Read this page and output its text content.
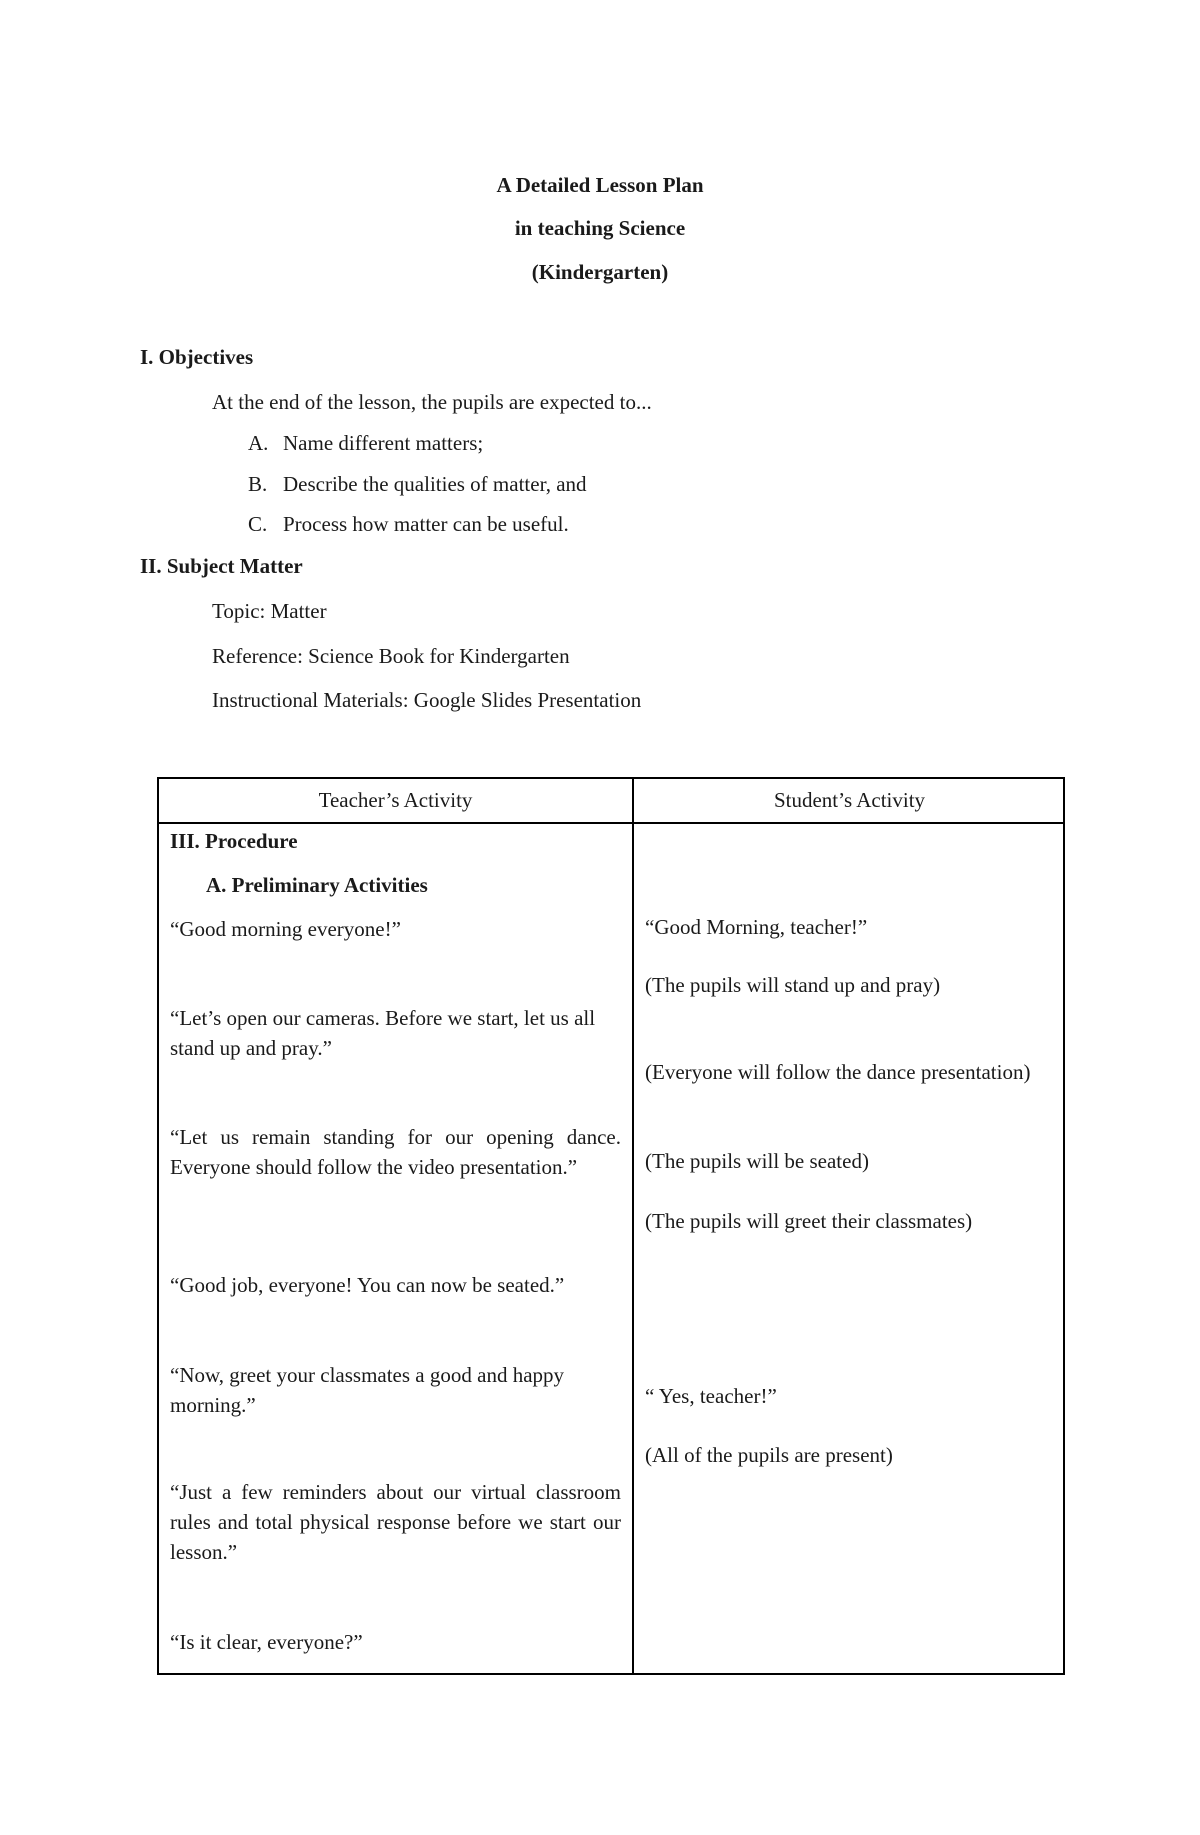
A Detailed Lesson Plan
in teaching Science
(Kindergarten)
I. Objectives
At the end of the lesson, the pupils are expected to...
A. Name different matters;
B. Describe the qualities of matter, and
C. Process how matter can be useful.
II. Subject Matter
Topic: Matter
Reference: Science Book for Kindergarten
Instructional Materials: Google Slides Presentation
Teacher’s Activity	Student’s Activity
III. Procedure
A. Preliminary Activities
“Good morning everyone!”
“Let’s open our cameras. Before we start, let us all stand up and pray.”
“Let us remain standing for our opening dance. Everyone should follow the video presentation.”
“Good job, everyone! You can now be seated.”
“Now, greet your classmates a good and happy morning.”
“Just a few reminders about our virtual classroom rules and total physical response before we start our lesson.”
“Is it clear, everyone?”
“Good Morning, teacher!”
(The pupils will stand up and pray)
(Everyone will follow the dance presentation)
(The pupils will be seated)
(The pupils will greet their classmates)
“ Yes, teacher!”
(All of the pupils are present)
